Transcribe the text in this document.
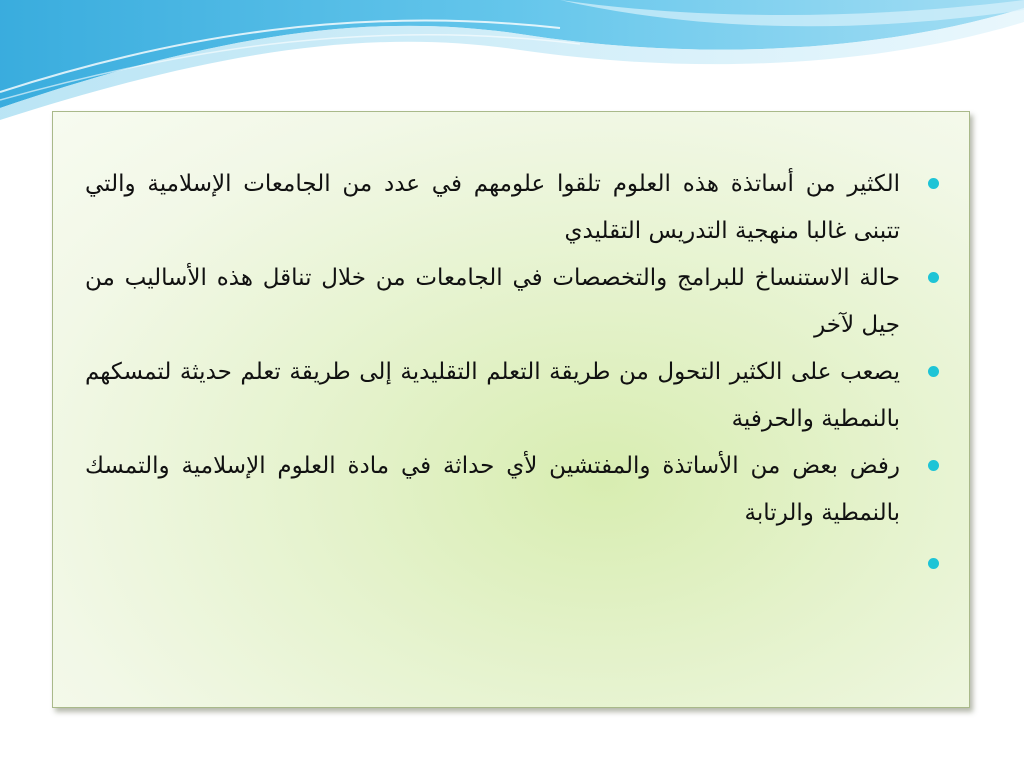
الكثير من أساتذة هذه العلوم تلقوا علومهم في عدد من الجامعات الإسلامية والتي تتبنى غالبا منهجية التدريس التقليدي
حالة الاستنساخ للبرامج والتخصصات في الجامعات من خلال تناقل هذه الأساليب من جيل لآخر
يصعب على الكثير التحول من طريقة التعلم التقليدية إلى طريقة تعلم حديثة لتمسكهم بالنمطية والحرفية
رفض بعض من الأساتذة والمفتشين لأي حداثة في مادة العلوم الإسلامية والتمسك بالنمطية والرتابة
